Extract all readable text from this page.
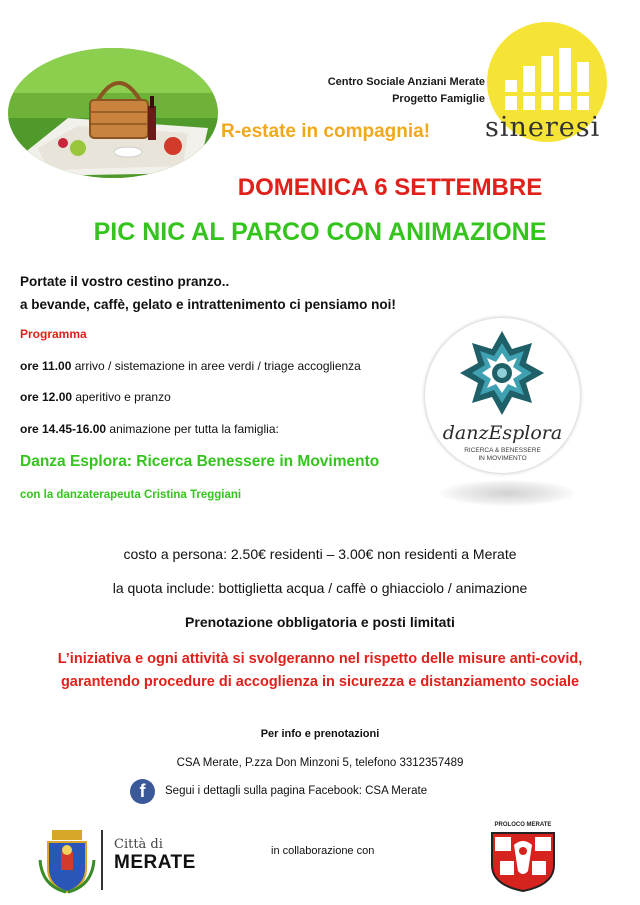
Centro Sociale Anziani Merate
Progetto Famiglie
sineresi
R-estate in compagnia!
DOMENICA 6 SETTEMBRE
PIC NIC AL PARCO CON ANIMAZIONE
Portate il vostro cestino pranzo..
a bevande, caffè, gelato e intrattenimento ci pensiamo noi!
Programma
ore 11.00 arrivo / sistemazione in aree verdi / triage accoglienza
ore 12.00 aperitivo e pranzo
ore 14.45-16.00 animazione per tutta la famiglia:
Danza Esplora: Ricerca Benessere in Movimento
con la danzaterapeuta Cristina Treggiani
danzEsplora
RICERCA & BENESSERE
IN MOVIMENTO
costo a persona: 2.50€ residenti – 3.00€ non residenti a Merate
la quota include: bottiglietta acqua / caffè o ghiacciolo / animazione
Prenotazione obbligatoria e posti limitati
L’iniziativa e ogni attività si svolgeranno nel rispetto delle misure anti-covid,
garantendo procedure di accoglienza in sicurezza e distanziamento sociale
Per info e prenotazioni
CSA Merate, P.zza Don Minzoni 5, telefono 3312357489
f	Segui i dettagli sulla pagina Facebook: CSA Merate
Città di
MERATE
in collaborazione con
PROLOCO MERATE
